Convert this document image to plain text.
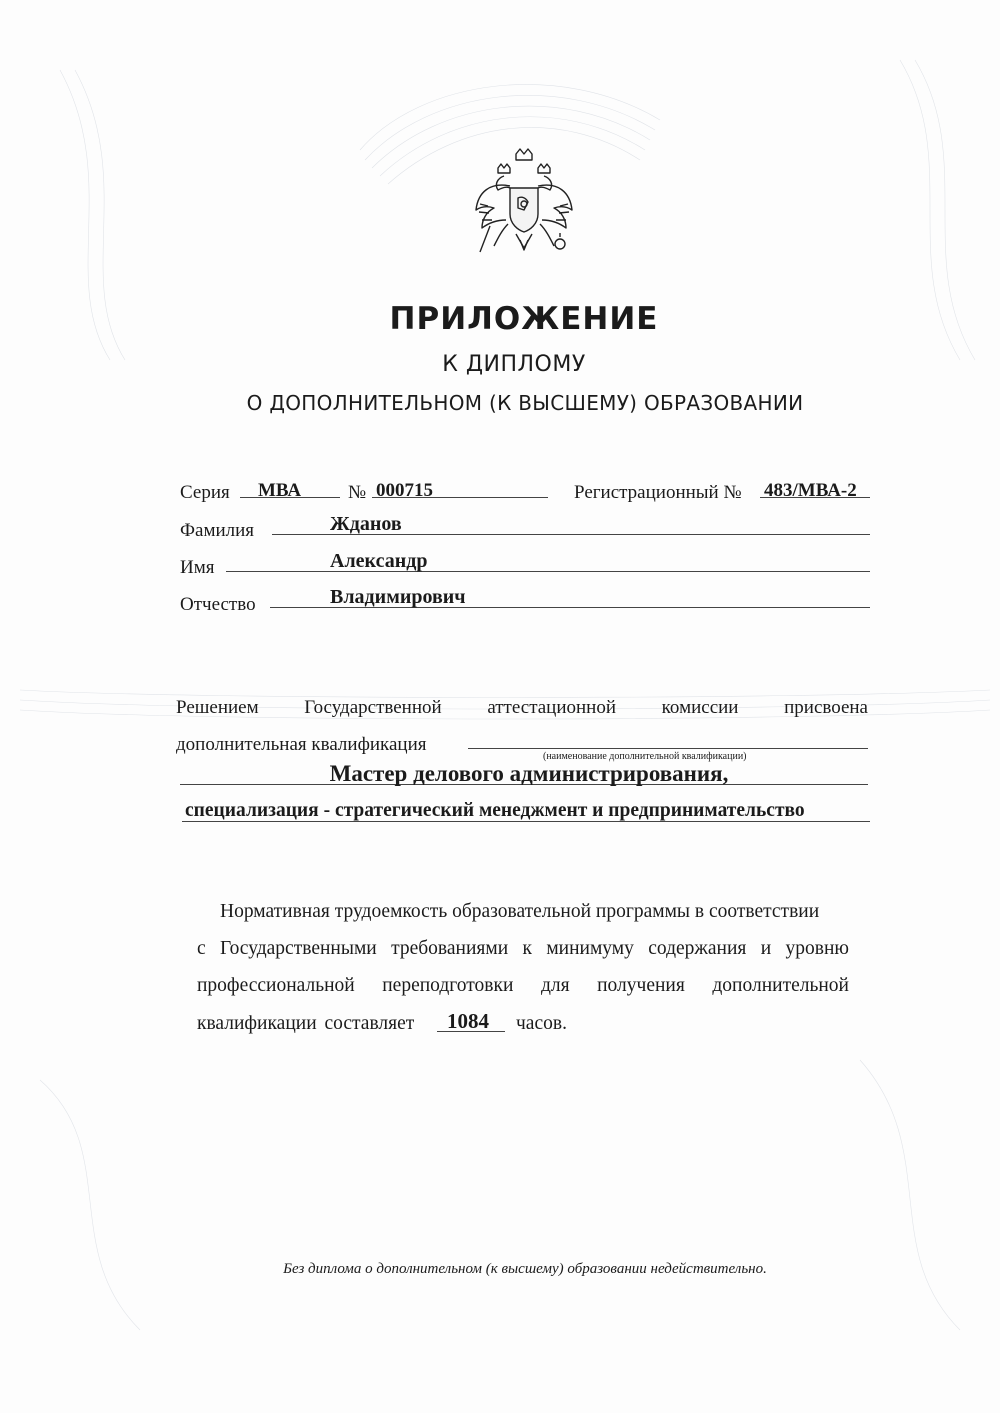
ПРИЛОЖЕНИЕ
К ДИПЛОМУ
О ДОПОЛНИТЕЛЬНОМ (К ВЫСШЕМУ) ОБРАЗОВАНИИ
Серия МВА № 000715	Регистрационный № 483/МВА-2
Фамилия	Жданов
Имя	Александр
Отчество	Владимирович
Решением Государственной аттестационной комиссии присвоена
дополнительная квалификация
(наименование дополнительной квалификации)
Мастер делового администрирования,
специализация - стратегический менеджмент и предпринимательство
Нормативная трудоемкость образовательной программы в соответствии
с Государственными требованиями к минимуму содержания и уровню
профессиональной переподготовки для получения дополнительной
квалификации составляет 1084 часов.
Без диплома о дополнительном (к высшему) образовании недействительно.
